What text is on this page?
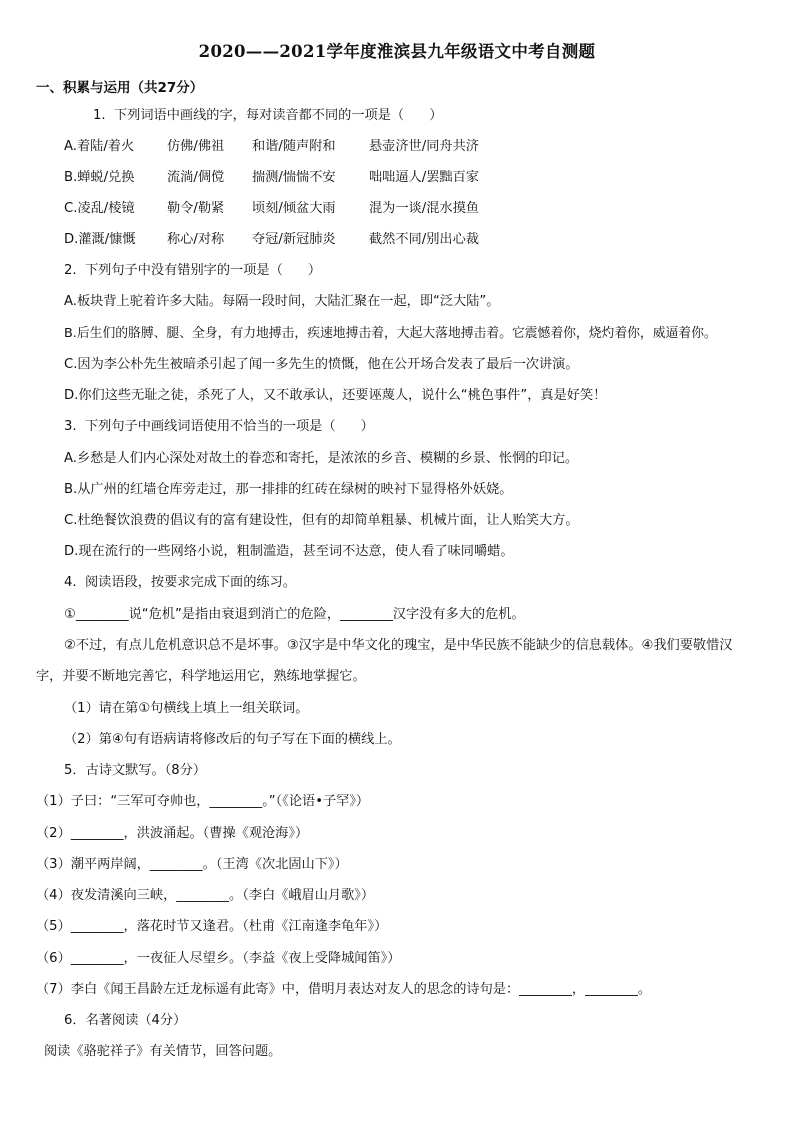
2020——2021学年度淮滨县九年级语文中考自测题
一、积累与运用（共27分）
1.  下列词语中画线的字，每对读音都不同的一项是（      ）
A.着陆/着火 仿佛/佛祖 和谐/随声附和	悬壶济世/同舟共济
B.蝉蜕/兑换 流淌/倜傥 揣测/惴惴不安	咄咄逼人/罢黜百家
C.凌乱/棱镜 勒令/勒紧 顷刻/倾盆大雨	混为一谈/混水摸鱼
D.灌溉/慷慨 称心/对称 夺冠/新冠肺炎	截然不同/别出心裁
2.  下列句子中没有错别字的一项是（      ）
A.板块背上驼着许多大陆。每隔一段时间，大陆汇聚在一起，即“泛大陆”。
B.后生们的胳膊、腿、全身，有力地搏击，疾速地搏击着，大起大落地搏击着。它震憾着你，烧灼着你，威逼着你。
C.因为李公朴先生被暗杀引起了闻一多先生的愤慨，他在公开场合发表了最后一次讲演。
D.你们这些无耻之徒，杀死了人，又不敢承认，还要诬蔑人，说什么“桃色事件”，真是好笑！
3.  下列句子中画线词语使用不恰当的一项是（      ）
A.乡愁是人们内心深处对故土的眷恋和寄托，是浓浓的乡音、模糊的乡景、怅惘的印记。
B.从广州的红墙仓库旁走过，那一排排的红砖在绿树的映衬下显得格外妖娆。
C.杜绝餐饮浪费的倡议有的富有建设性，但有的却简单粗暴、机械片面，让人贻笑大方。
D.现在流行的一些网络小说，粗制滥造，甚至词不达意，使人看了味同嚼蜡。
4.  阅读语段，按要求完成下面的练习。
①________说“危机”是指由衰退到消亡的危险，________汉字没有多大的危机。
②不过，有点儿危机意识总不是坏事。③汉字是中华文化的瑰宝，是中华民族不能缺少的信息载体。④我们要敬惜汉
字，并要不断地完善它，科学地运用它，熟练地掌握它。
（1）请在第①句横线上填上一组关联词。
（2）第④句有语病请将修改后的句子写在下面的横线上。
5．古诗文默写。（8分）
（1）子曰：“三军可夺帅也，________。”（《论语•子罕》）
（2）________，洪波涌起。（曹操《观沧海》）
（3）潮平两岸阔，________。（王湾《次北固山下》）
（4）夜发清溪向三峡，________。（李白《峨眉山月歌》）
（5）________，落花时节又逢君。（杜甫《江南逢李龟年》）
（6）________，一夜征人尽望乡。（李益《夜上受降城闻笛》）
（7）李白《闻王昌龄左迁龙标遥有此寄》中，借明月表达对友人的思念的诗句是：________，________。
6．名著阅读（4分）
阅读《骆驼祥子》有关情节，回答问题。
